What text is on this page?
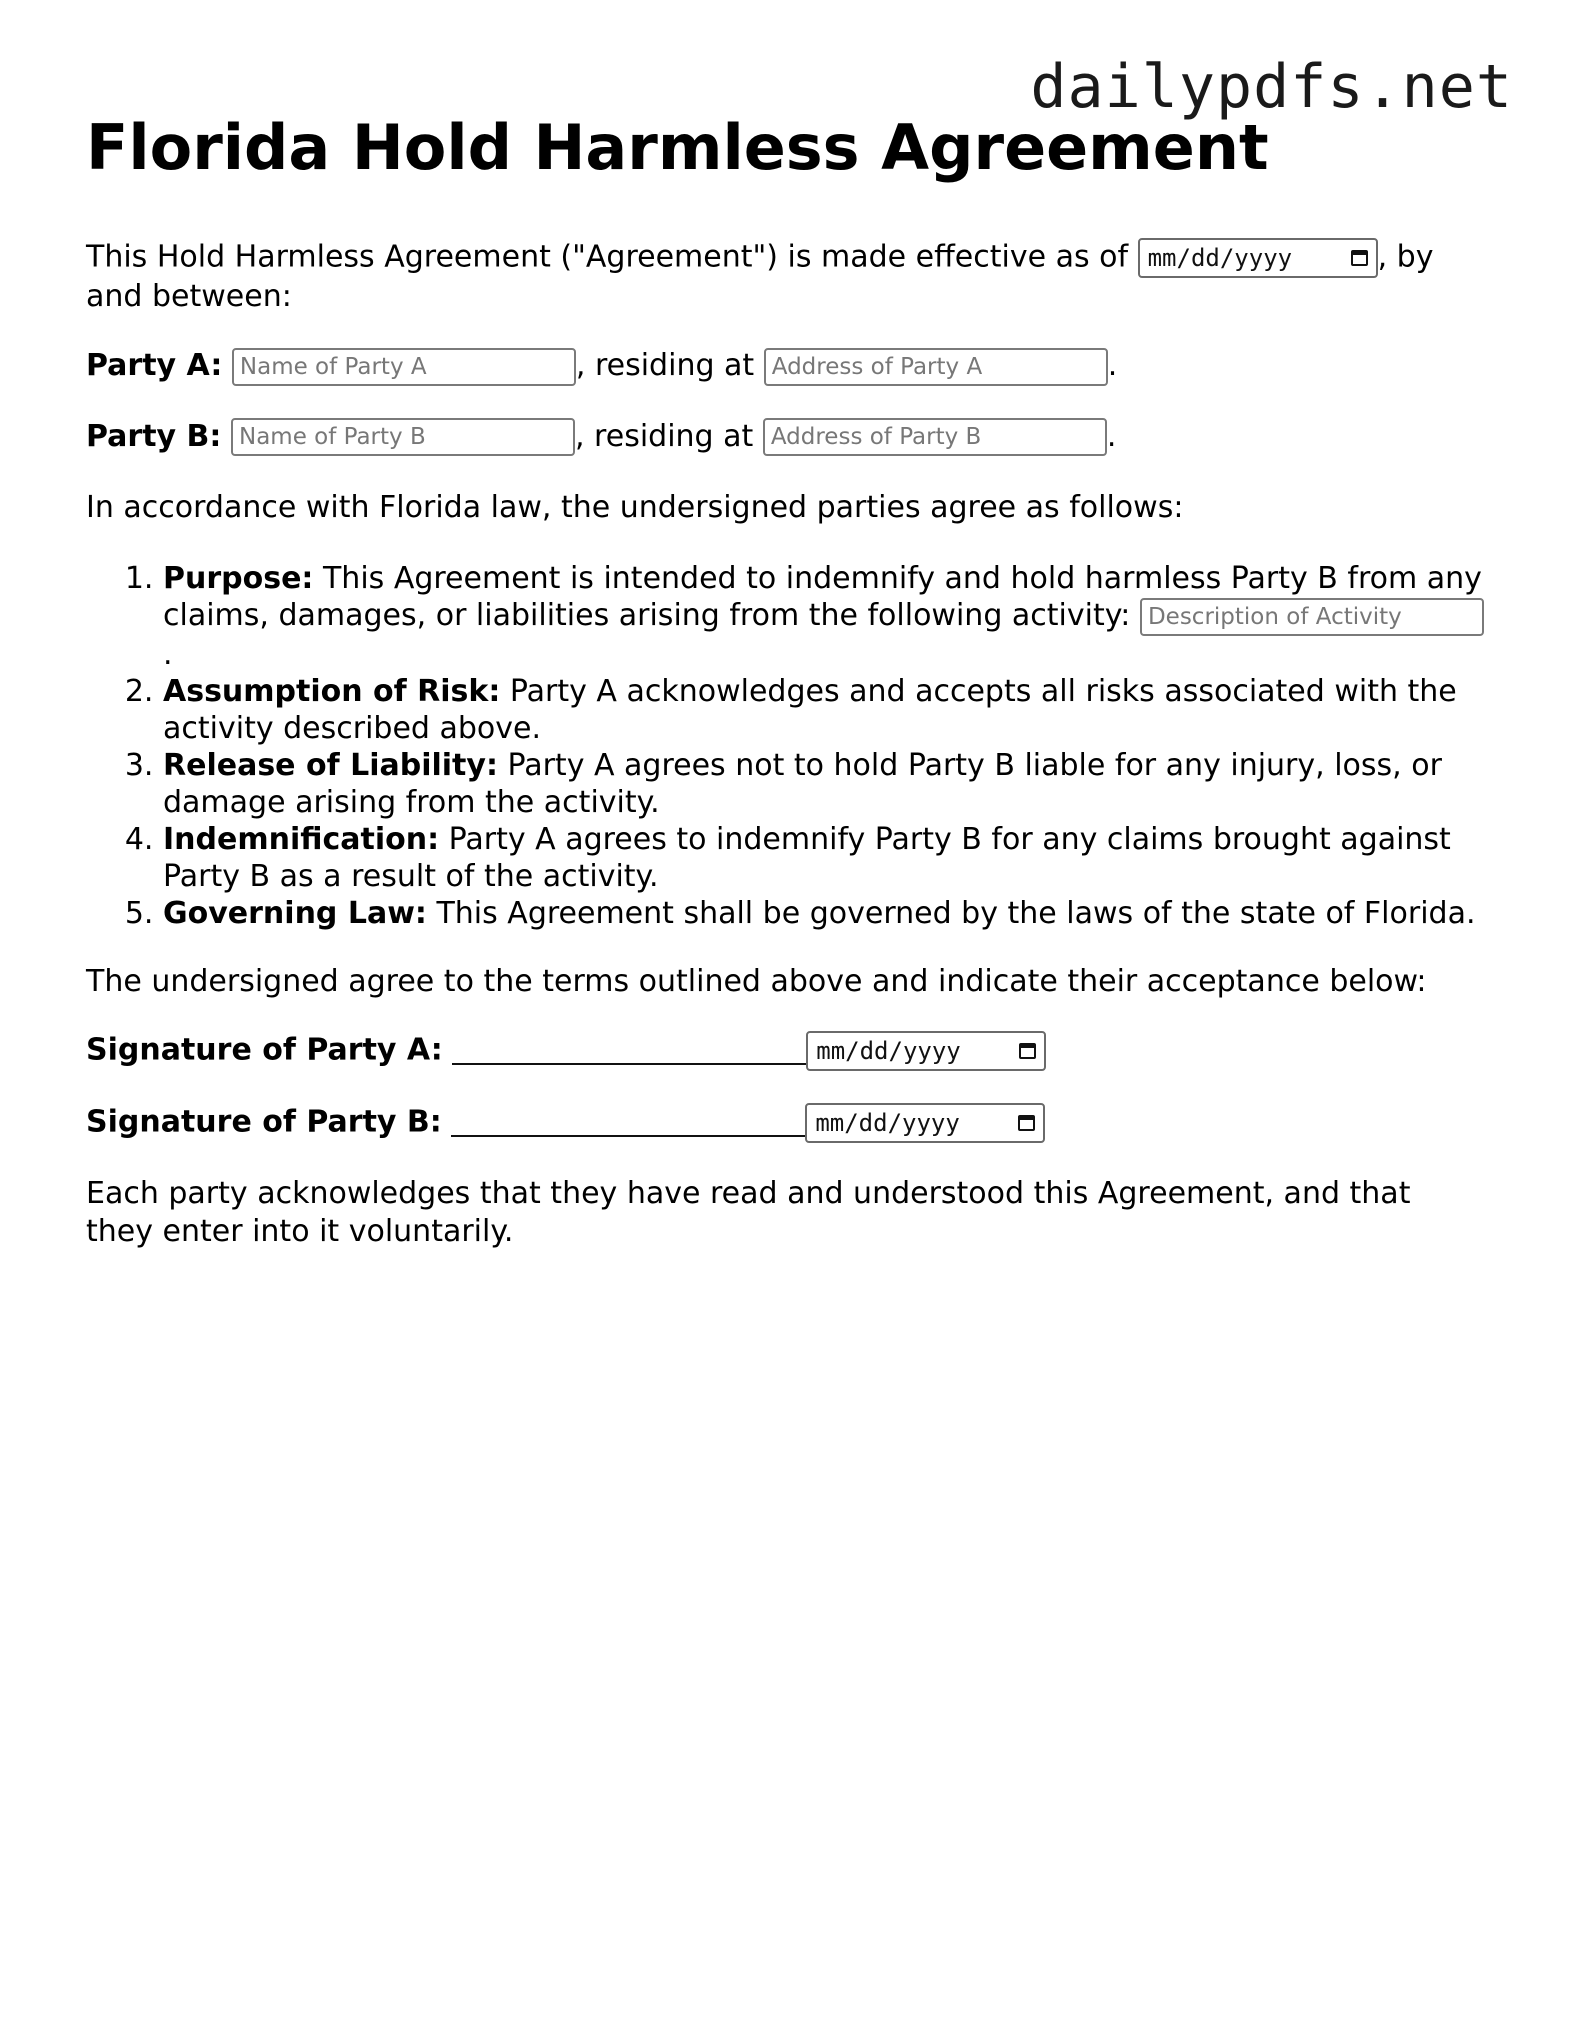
dailypdfs.net
Florida Hold Harmless Agreement

This Hold Harmless Agreement ("Agreement") is made effective as of mm/dd/yyyy	, by and between:

Party A: Name of Party A	, residing at Address of Party A	.

Party B: Name of Party B	, residing at Address of Party B	.

In accordance with Florida law, the undersigned parties agree as follows:

1. Purpose: This Agreement is intended to indemnify and hold harmless Party B from any claims, damages, or liabilities arising from the following activity: Description of Activity.
2. Assumption of Risk: Party A acknowledges and accepts all risks associated with the activity described above.
3. Release of Liability: Party A agrees not to hold Party B liable for any injury, loss, or damage arising from the activity.
4. Indemnification: Party A agrees to indemnify Party B for any claims brought against Party B as a result of the activity.
5. Governing Law: This Agreement shall be governed by the laws of the state of Florida.

The undersigned agree to the terms outlined above and indicate their acceptance below:

Signature of Party A:	mm/dd/yyyy

Signature of Party B:	mm/dd/yyyy

Each party acknowledges that they have read and understood this Agreement, and that they enter into it voluntarily.
